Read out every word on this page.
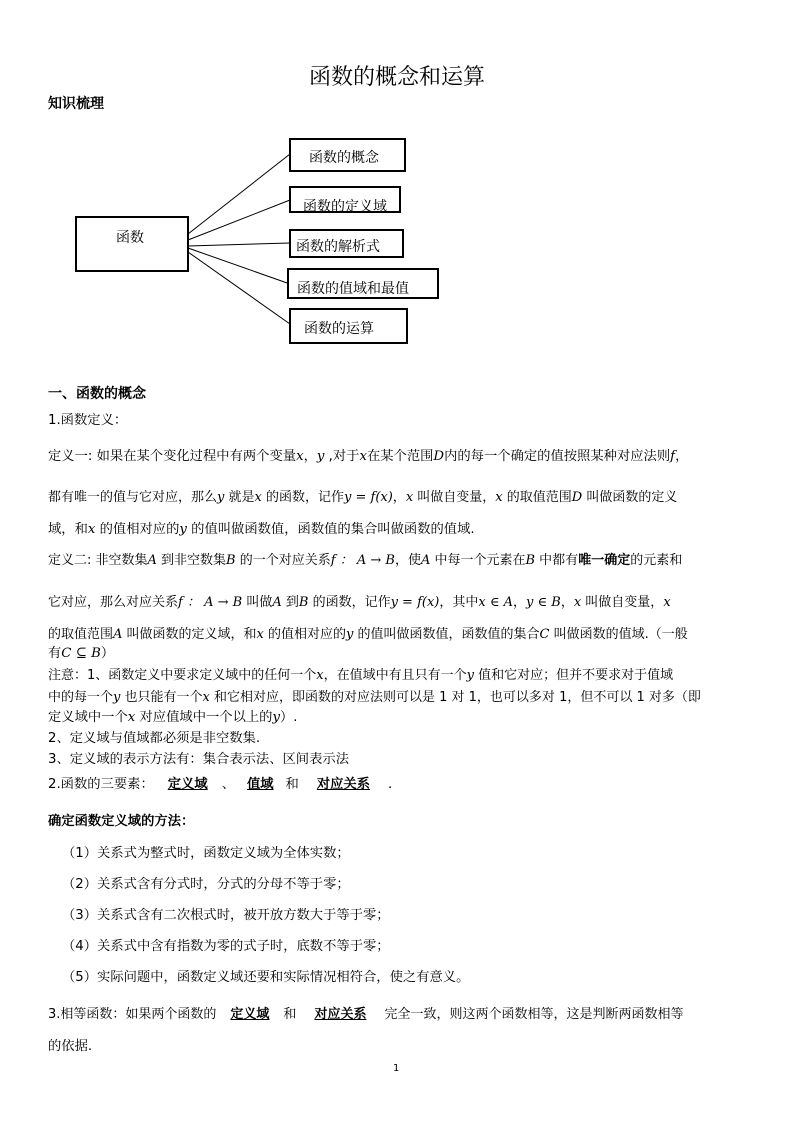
函数的概念和运算
知识梳理
函数
函数的概念
函数的定义域
函数的解析式
函数的值域和最值
函数的运算
一、函数的概念
1.函数定义：
定义一: 如果在某个变化过程中有两个变量x，y ,对于x在某个范围D内的每一个确定的值按照某种对应法则f，
都有唯一的值与它对应，那么y 就是x 的函数，记作y = f(x)，x 叫做自变量，x 的取值范围D 叫做函数的定义
域，和x 的值相对应的y 的值叫做函数值，函数值的集合叫做函数的值域.
定义二: 非空数集A 到非空数集B 的一个对应关系f ： A → B，使A 中每一个元素在B 中都有唯一确定的元素和
它对应，那么对应关系f ： A → B 叫做A 到B 的函数，记作y = f(x)，其中x ∈ A，y ∈ B，x 叫做自变量，x
的取值范围A 叫做函数的定义域，和x 的值相对应的y 的值叫做函数值，函数值的集合C 叫做函数的值域.（一般
有C ⊆ B）
注意：1、函数定义中要求定义域中的任何一个x，在值域中有且只有一个y 值和它对应；但并不要求对于值域
中的每一个y 也只能有一个x 和它相对应，即函数的对应法则可以是 1 对 1，也可以多对 1，但不可以 1 对多（即
定义域中一个x 对应值域中一个以上的y）.
2、定义域与值域都必须是非空数集.
3、定义域的表示方法有：集合表示法、区间表示法
2.函数的三要素： 定义域 、 值域 和 对应关系 .
确定函数定义域的方法：
（1）关系式为整式时，函数定义域为全体实数；
（2）关系式含有分式时，分式的分母不等于零；
（3）关系式含有二次根式时，被开放方数大于等于零；
（4）关系式中含有指数为零的式子时，底数不等于零；
（5）实际问题中，函数定义域还要和实际情况相符合，使之有意义。
3.相等函数：如果两个函数的 定义域 和 对应关系 完全一致，则这两个函数相等，这是判断两函数相等
的依据.
1
